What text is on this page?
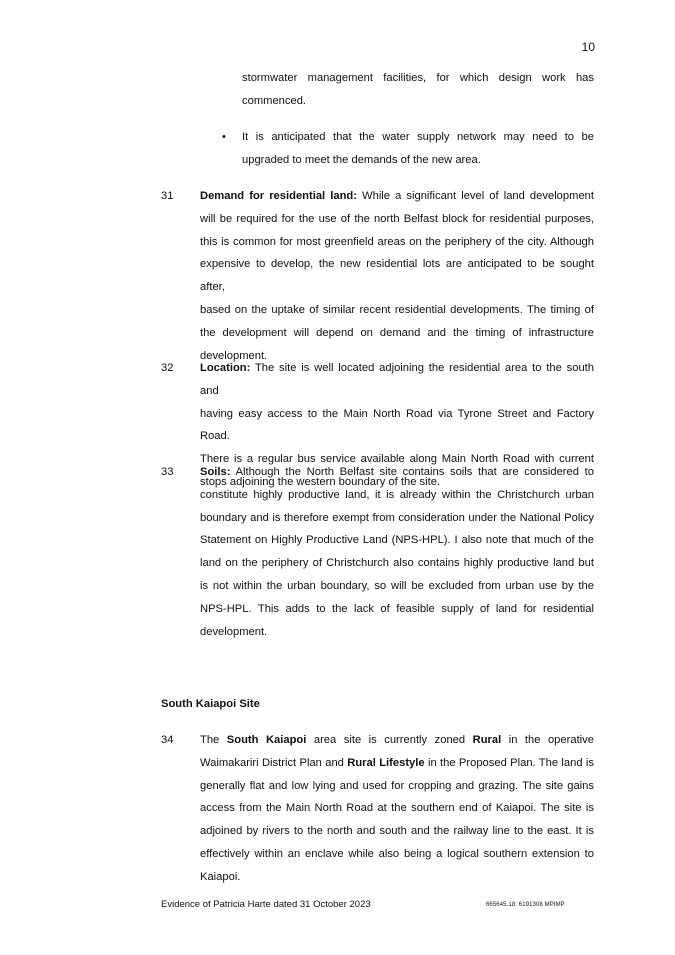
10
stormwater management facilities, for which design work has
commenced.
• It is anticipated that the water supply network may need to be
upgraded to meet the demands of the new area.
31 Demand for residential land: While a significant level of land development
will be required for the use of the north Belfast block for residential purposes,
this is common for most greenfield areas on the periphery of the city. Although
expensive to develop, the new residential lots are anticipated to be sought after,
based on the uptake of similar recent residential developments. The timing of
the development will depend on demand and the timing of infrastructure
development.
32 Location: The site is well located adjoining the residential area to the south and
having easy access to the Main North Road via Tyrone Street and Factory Road.
There is a regular bus service available along Main North Road with current
stops adjoining the western boundary of the site.
33 Soils: Although the North Belfast site contains soils that are considered to
constitute highly productive land, it is already within the Christchurch urban
boundary and is therefore exempt from consideration under the National Policy
Statement on Highly Productive Land (NPS-HPL). I also note that much of the
land on the periphery of Christchurch also contains highly productive land but
is not within the urban boundary, so will be excluded from urban use by the
NPS-HPL. This adds to the lack of feasible supply of land for residential
development.
South Kaiapoi Site
34 The South Kaiapoi area site is currently zoned Rural in the operative
Waimakariri District Plan and Rural Lifestyle in the Proposed Plan. The land is
generally flat and low lying and used for cropping and grazing. The site gains
access from the Main North Road at the southern end of Kaiapoi. The site is
adjoined by rivers to the north and south and the railway line to the east. It is
effectively within an enclave while also being a logical southern extension to
Kaiapoi.
Evidence of Patricia Harte dated 31 October 2023	665645.18: 6191308 MPIMP
